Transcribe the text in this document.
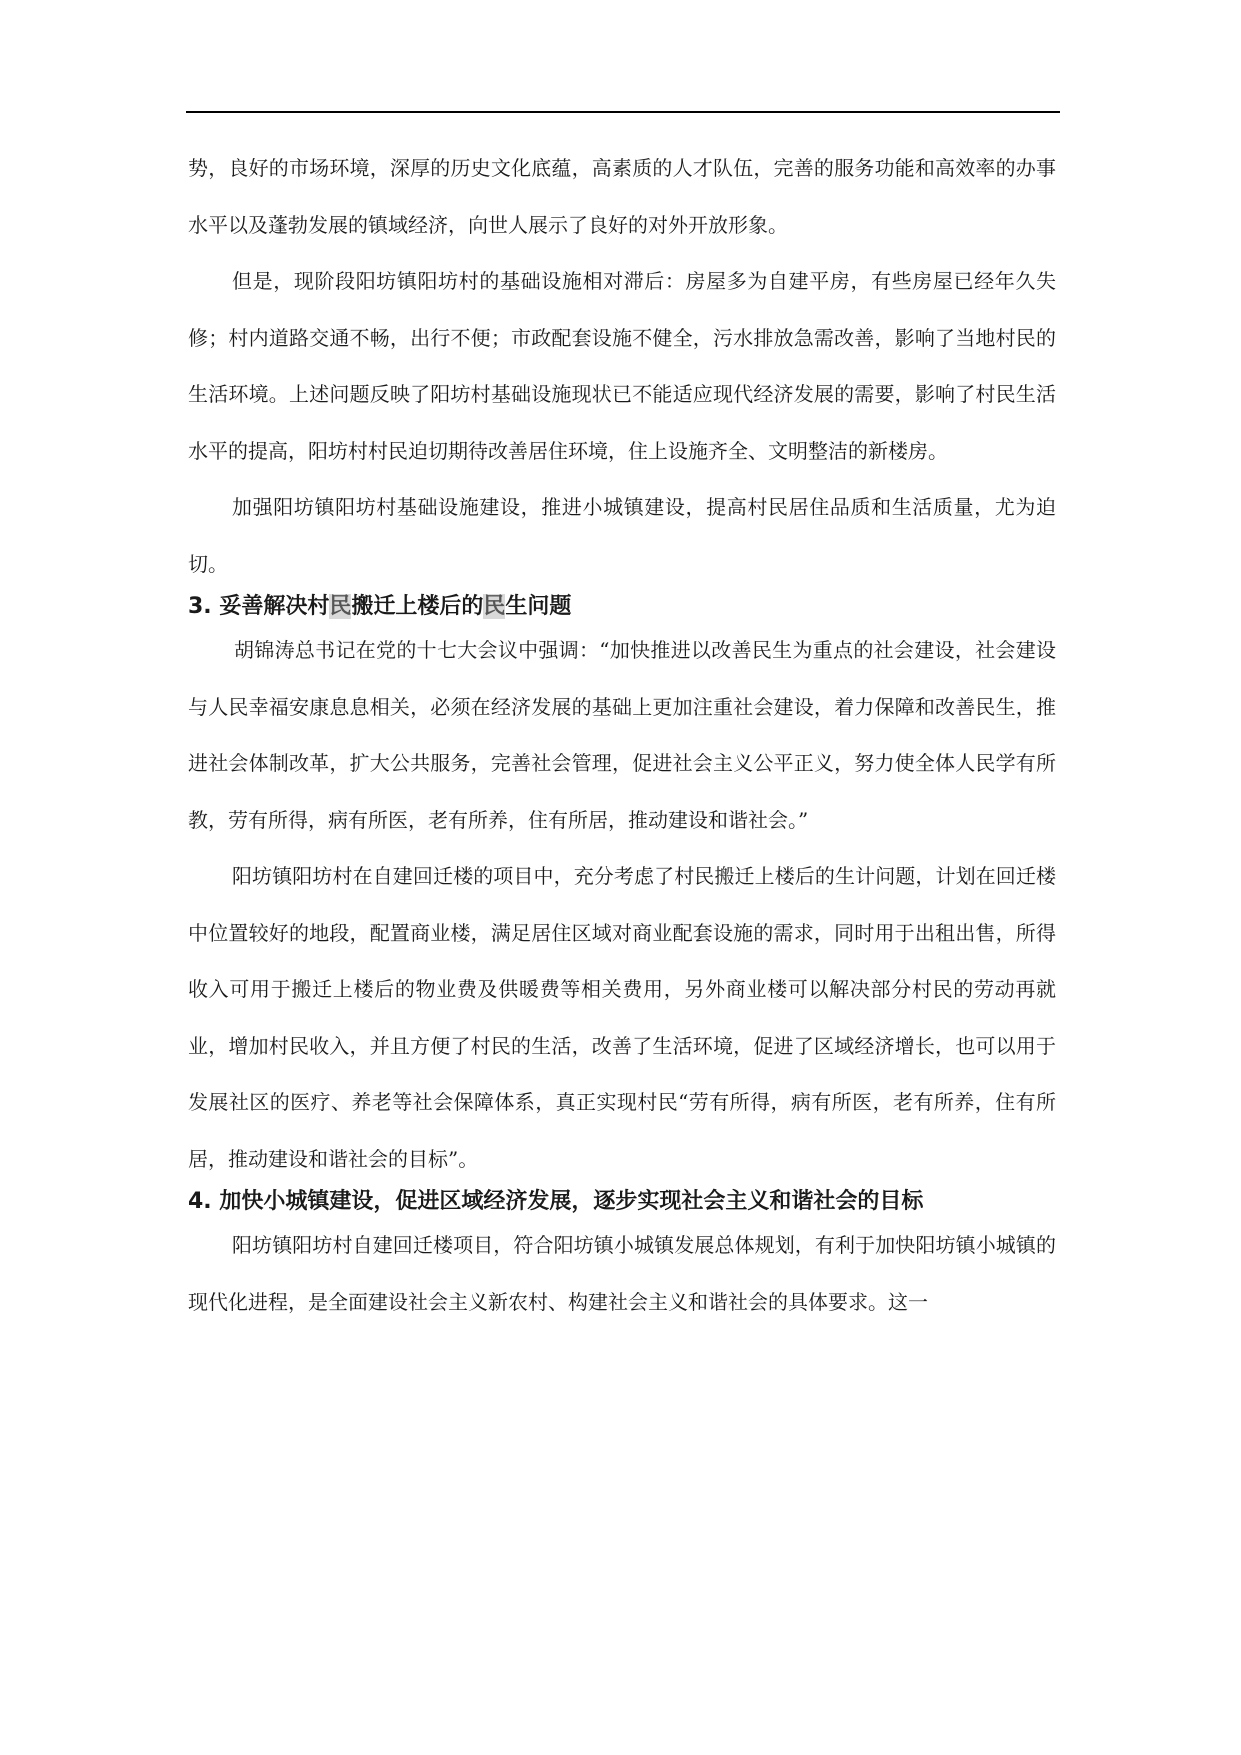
势，良好的市场环境，深厚的历史文化底蕴，高素质的人才队伍，完善的服务功能和高效率的办事水平以及蓬勃发展的镇域经济，向世人展示了良好的对外开放形象。

但是，现阶段阳坊镇阳坊村的基础设施相对滞后：房屋多为自建平房，有些房屋已经年久失修；村内道路交通不畅，出行不便；市政配套设施不健全，污水排放急需改善，影响了当地村民的生活环境。上述问题反映了阳坊村基础设施现状已不能适应现代经济发展的需要，影响了村民生活水平的提高，阳坊村村民迫切期待改善居住环境，住上设施齐全、文明整洁的新楼房。

加强阳坊镇阳坊村基础设施建设，推进小城镇建设，提高村民居住品质和生活质量，尤为迫切。

3. 妥善解决村民搬迁上楼后的民生问题

胡锦涛总书记在党的十七大会议中强调：“加快推进以改善民生为重点的社会建设，社会建设与人民幸福安康息息相关，必须在经济发展的基础上更加注重社会建设，着力保障和改善民生，推进社会体制改革，扩大公共服务，完善社会管理，促进社会主义公平正义，努力使全体人民学有所教，劳有所得，病有所医，老有所养，住有所居，推动建设和谐社会。”

阳坊镇阳坊村在自建回迁楼的项目中，充分考虑了村民搬迁上楼后的生计问题，计划在回迁楼中位置较好的地段，配置商业楼，满足居住区域对商业配套设施的需求，同时用于出租出售，所得收入可用于搬迁上楼后的物业费及供暖费等相关费用，另外商业楼可以解决部分村民的劳动再就业，增加村民收入，并且方便了村民的生活，改善了生活环境，促进了区域经济增长，也可以用于发展社区的医疗、养老等社会保障体系，真正实现村民“劳有所得，病有所医，老有所养，住有所居，推动建设和谐社会的目标”。

4. 加快小城镇建设，促进区域经济发展，逐步实现社会主义和谐社会的目标

阳坊镇阳坊村自建回迁楼项目，符合阳坊镇小城镇发展总体规划，有利于加快阳坊镇小城镇的现代化进程，是全面建设社会主义新农村、构建社会主义和谐社会的具体要求。这一
